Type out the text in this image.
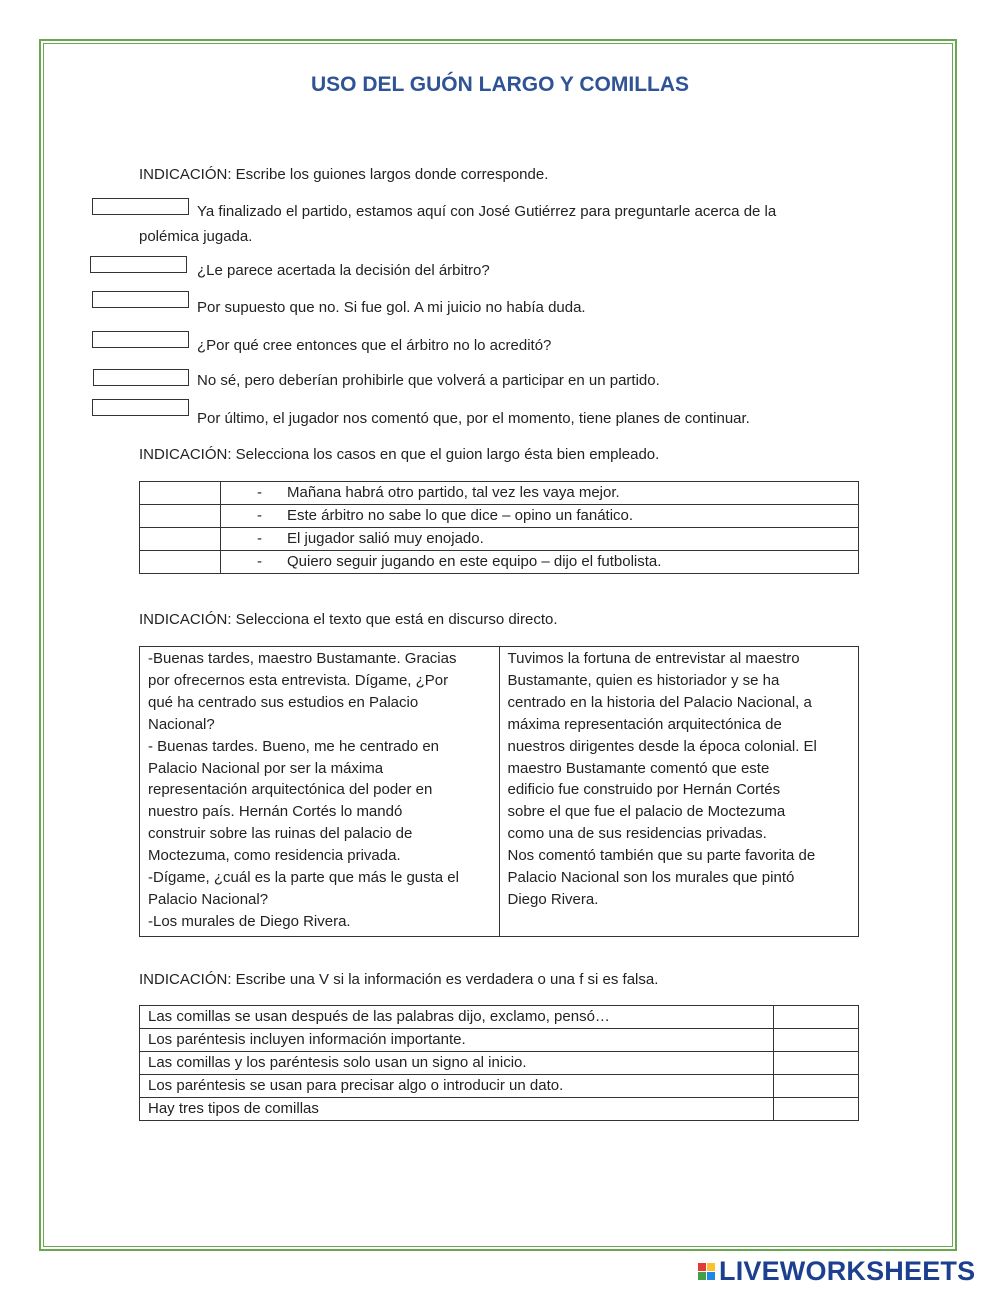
USO DEL GUÓN LARGO Y COMILLAS
INDICACIÓN: Escribe los guiones largos donde corresponde.
Ya finalizado el partido, estamos aquí con José Gutiérrez para preguntarle acerca de la
polémica jugada.
¿Le parece acertada la decisión del árbitro?
Por supuesto que no. Si fue gol. A mi juicio no había duda.
¿Por qué cree entonces que el árbitro no lo acreditó?
No sé, pero deberían prohibirle que volverá a participar en un partido.
Por último, el jugador nos comentó que, por el momento, tiene planes de continuar.
INDICACIÓN: Selecciona los casos en que el guion largo ésta bien empleado.
	- Mañana habrá otro partido, tal vez les vaya mejor.
	- Este árbitro no sabe lo que dice – opino un fanático.
	- El jugador salió muy enojado.
	- Quiero seguir jugando en este equipo – dijo el futbolista.
INDICACIÓN: Selecciona el texto que está en discurso directo.
-Buenas tardes, maestro Bustamante. Gracias
por ofrecernos esta entrevista. Dígame, ¿Por
qué ha centrado sus estudios en Palacio
Nacional?
- Buenas tardes. Bueno, me he centrado en
Palacio Nacional por ser la máxima
representación arquitectónica del poder en
nuestro país. Hernán Cortés lo mandó
construir sobre las ruinas del palacio de
Moctezuma, como residencia privada.
-Dígame, ¿cuál es la parte que más le gusta el
Palacio Nacional?
-Los murales de Diego Rivera.	Tuvimos la fortuna de entrevistar al maestro
Bustamante, quien es historiador y se ha
centrado en la historia del Palacio Nacional, a
máxima representación arquitectónica de
nuestros dirigentes desde la época colonial. El
maestro Bustamante comentó que este
edificio fue construido por Hernán Cortés
sobre el que fue el palacio de Moctezuma
como una de sus residencias privadas.
Nos comentó también que su parte favorita de
Palacio Nacional son los murales que pintó
Diego Rivera.
INDICACIÓN: Escribe una V si la información es verdadera o una f si es falsa.
Las comillas se usan después de las palabras dijo, exclamo, pensó…	
Los paréntesis incluyen información importante.	
Las comillas y los paréntesis solo usan un signo al inicio.	
Los paréntesis se usan para precisar algo o introducir un dato.	
Hay tres tipos de comillas	
LIVEWORKSHEETS
